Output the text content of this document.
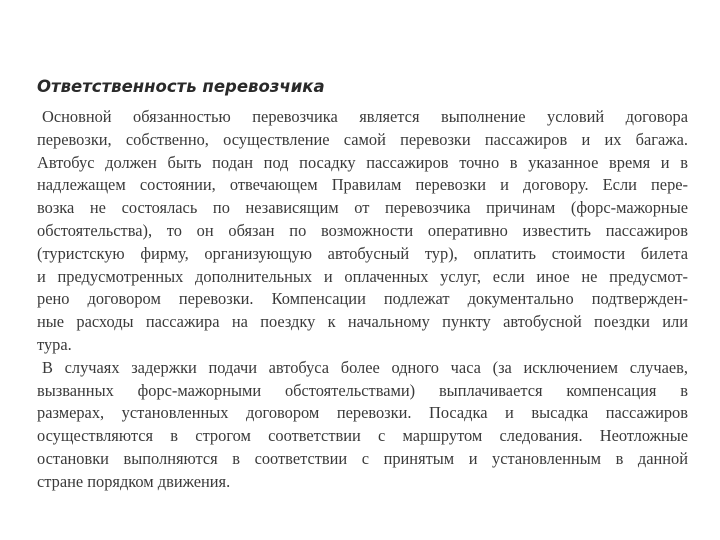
Ответственность перевозчика
Основной обязанностью перевозчика является выполнение условий договора
перевозки, собственно, осуществление самой перевозки пассажиров и их багажа.
Автобус должен быть подан под посадку пассажиров точно в указанное время и в
надлежащем состоянии, отвечающем Правилам перевозки и договору. Если пере-
возка не состоялась по независящим от перевозчика причинам (форс-мажорные
обстоятельства), то он обязан по возможности оперативно известить пассажиров
(туристскую фирму, организующую автобусный тур), оплатить стоимости билета
и предусмотренных дополнительных и оплаченных услуг, если иное не предусмот-
рено договором перевозки. Компенсации подлежат документально подтвержден-
ные расходы пассажира на поездку к начальному пункту автобусной поездки или
тура.
В случаях задержки подачи автобуса более одного часа (за исключением случаев,
вызванных форс-мажорными обстоятельствами) выплачивается компенсация в
размерах, установленных договором перевозки. Посадка и высадка пассажиров
осуществляются в строгом соответствии с маршрутом следования. Неотложные
остановки выполняются в соответствии с принятым и установленным в данной
стране порядком движения.
